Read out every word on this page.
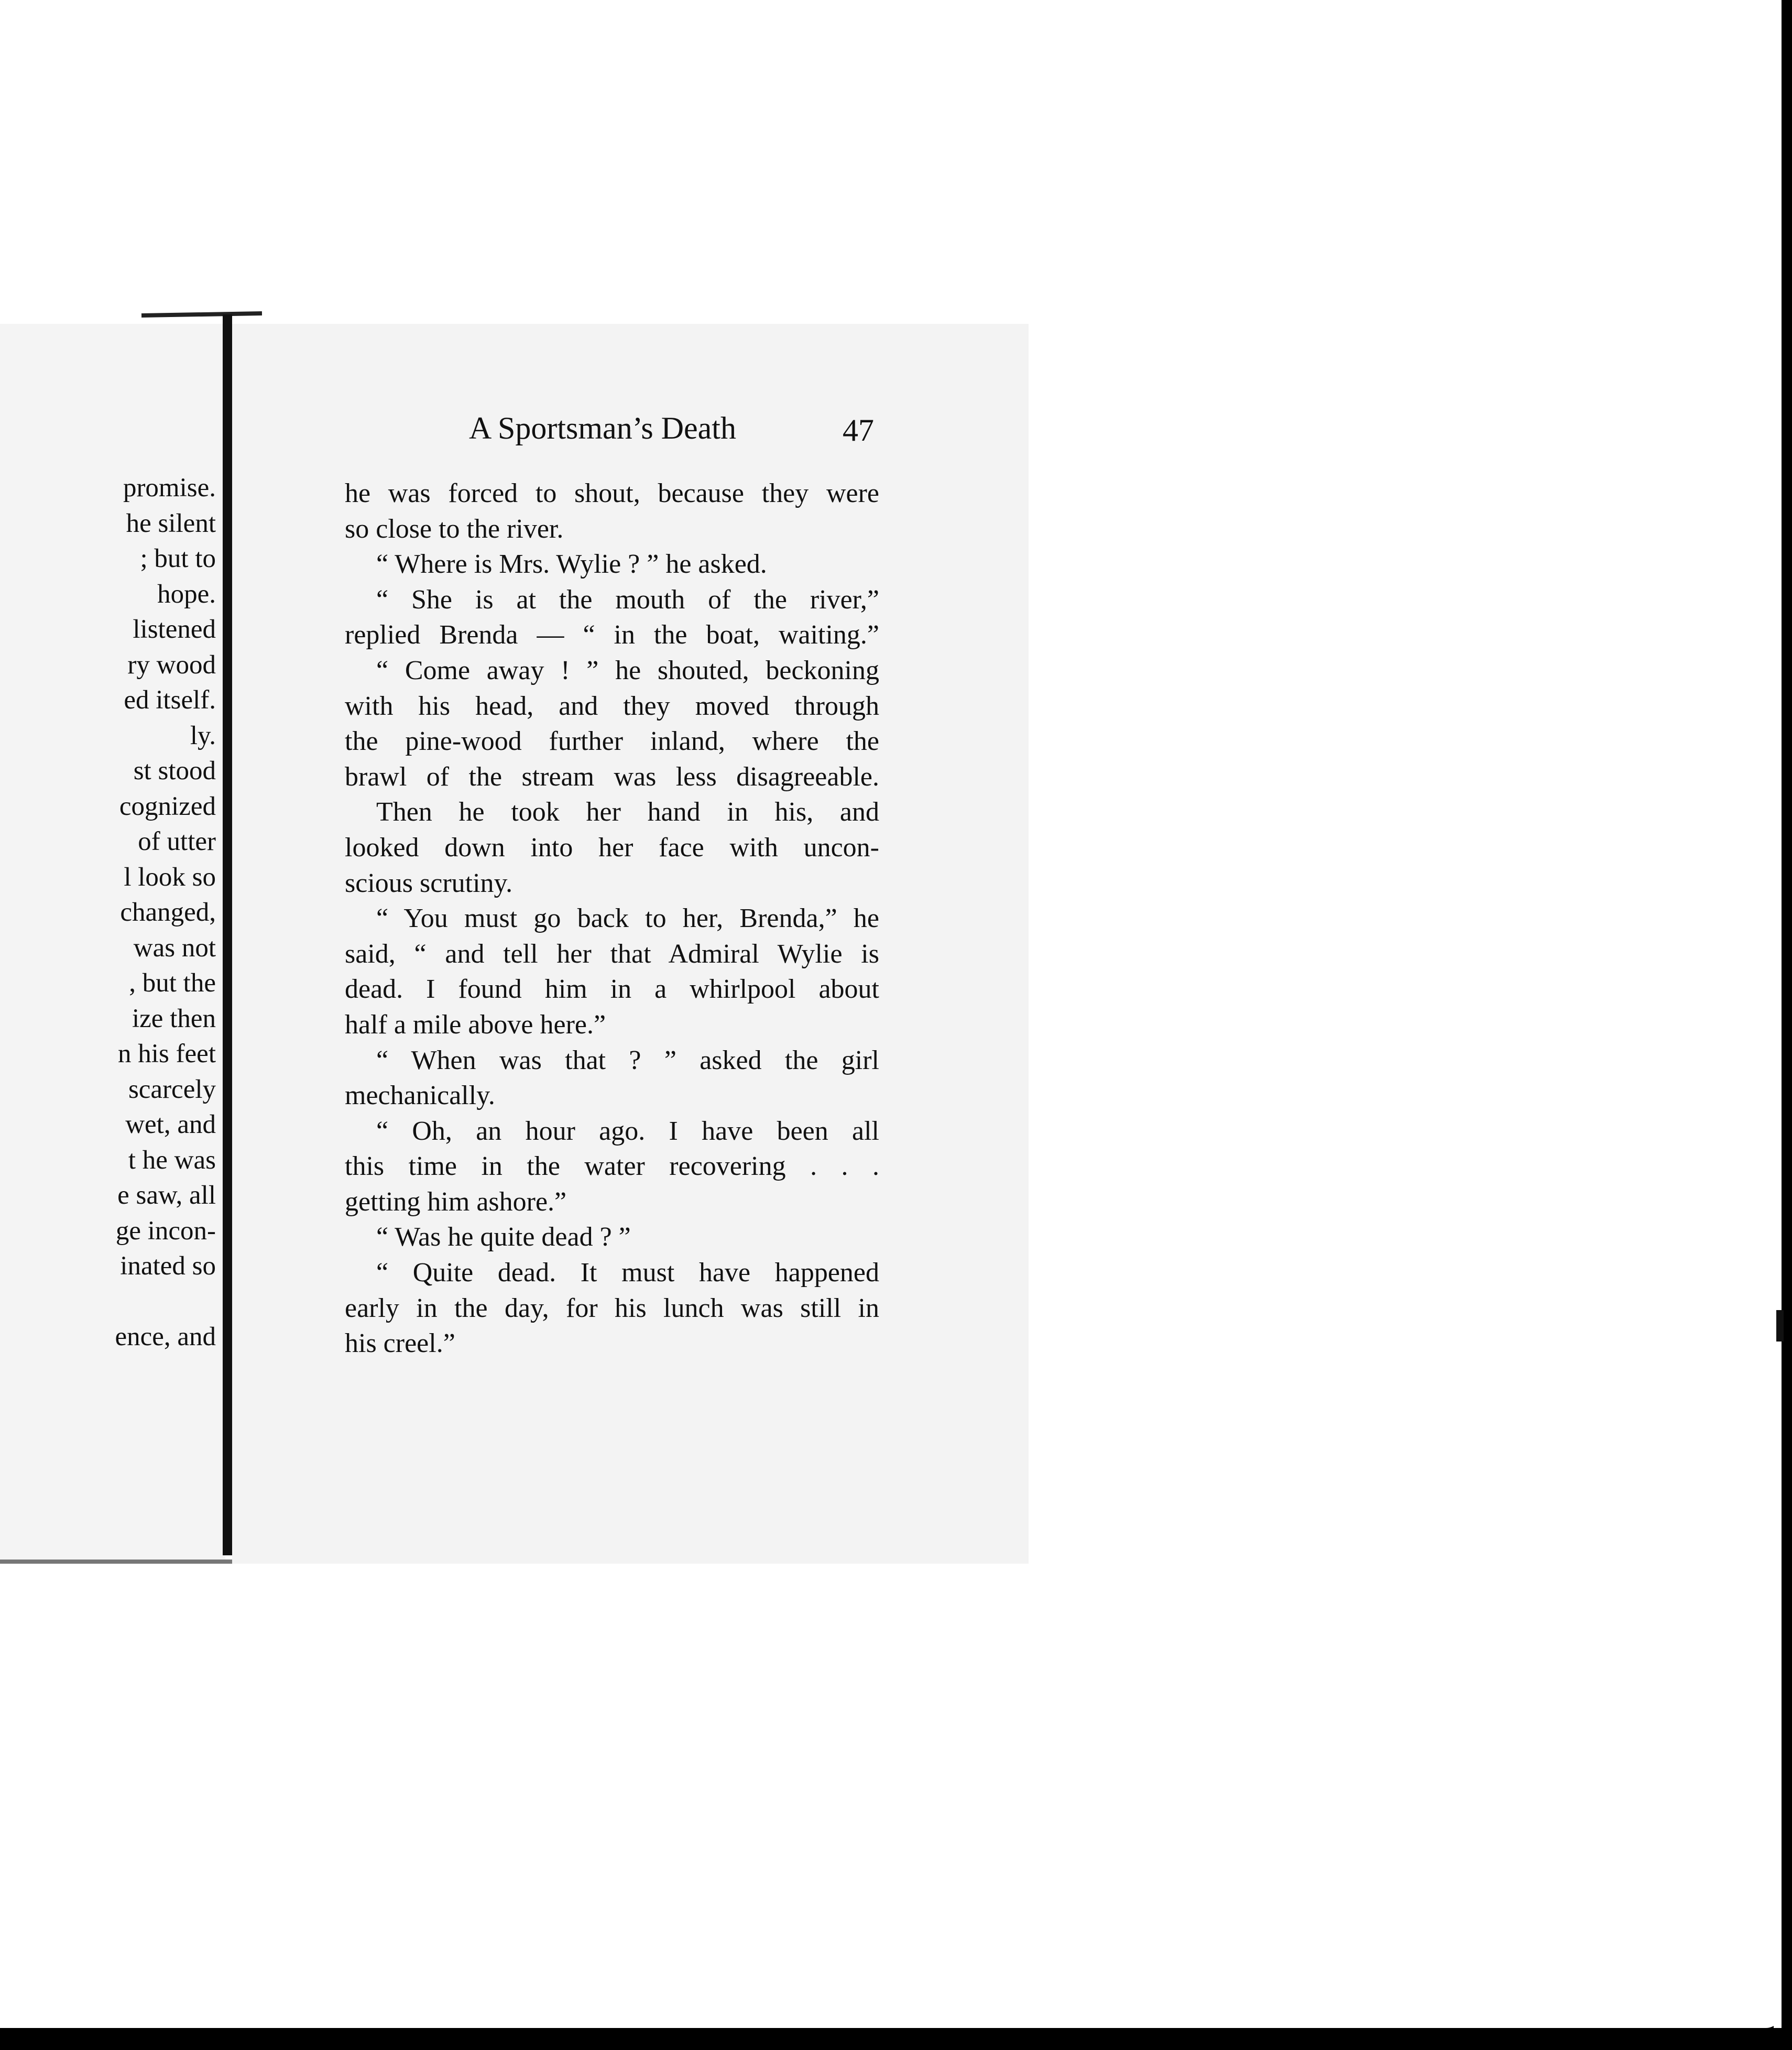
promise.
he silent
; but to
hope.
listened
ry wood
ed itself.
ly.
st stood
cognized
of utter
l look so
changed,
was not
, but the
ize then
n his feet
scarcely
wet, and
t he was
e saw, all
ge incon-
inated so
ence, and
A Sportsman’s Death	47
he was forced to shout, because they were
so close to the river.
“ Where is Mrs. Wylie ? ” he asked.
“ She is at the mouth of the river,”
replied Brenda — “ in the boat, waiting.”
“ Come away ! ” he shouted, beckoning
with his head, and they moved through
the pine-wood further inland, where the
brawl of the stream was less disagreeable.
Then he took her hand in his, and
looked down into her face with uncon-
scious scrutiny.
“ You must go back to her, Brenda,” he
said, “ and tell her that Admiral Wylie is
dead. I found him in a whirlpool about
half a mile above here.”
“ When was that ? ” asked the girl
mechanically.
“ Oh, an hour ago. I have been all
this time in the water recovering . . .
getting him ashore.”
“ Was he quite dead ? ”
“ Quite dead. It must have happened
early in the day, for his lunch was still in
his creel.”
